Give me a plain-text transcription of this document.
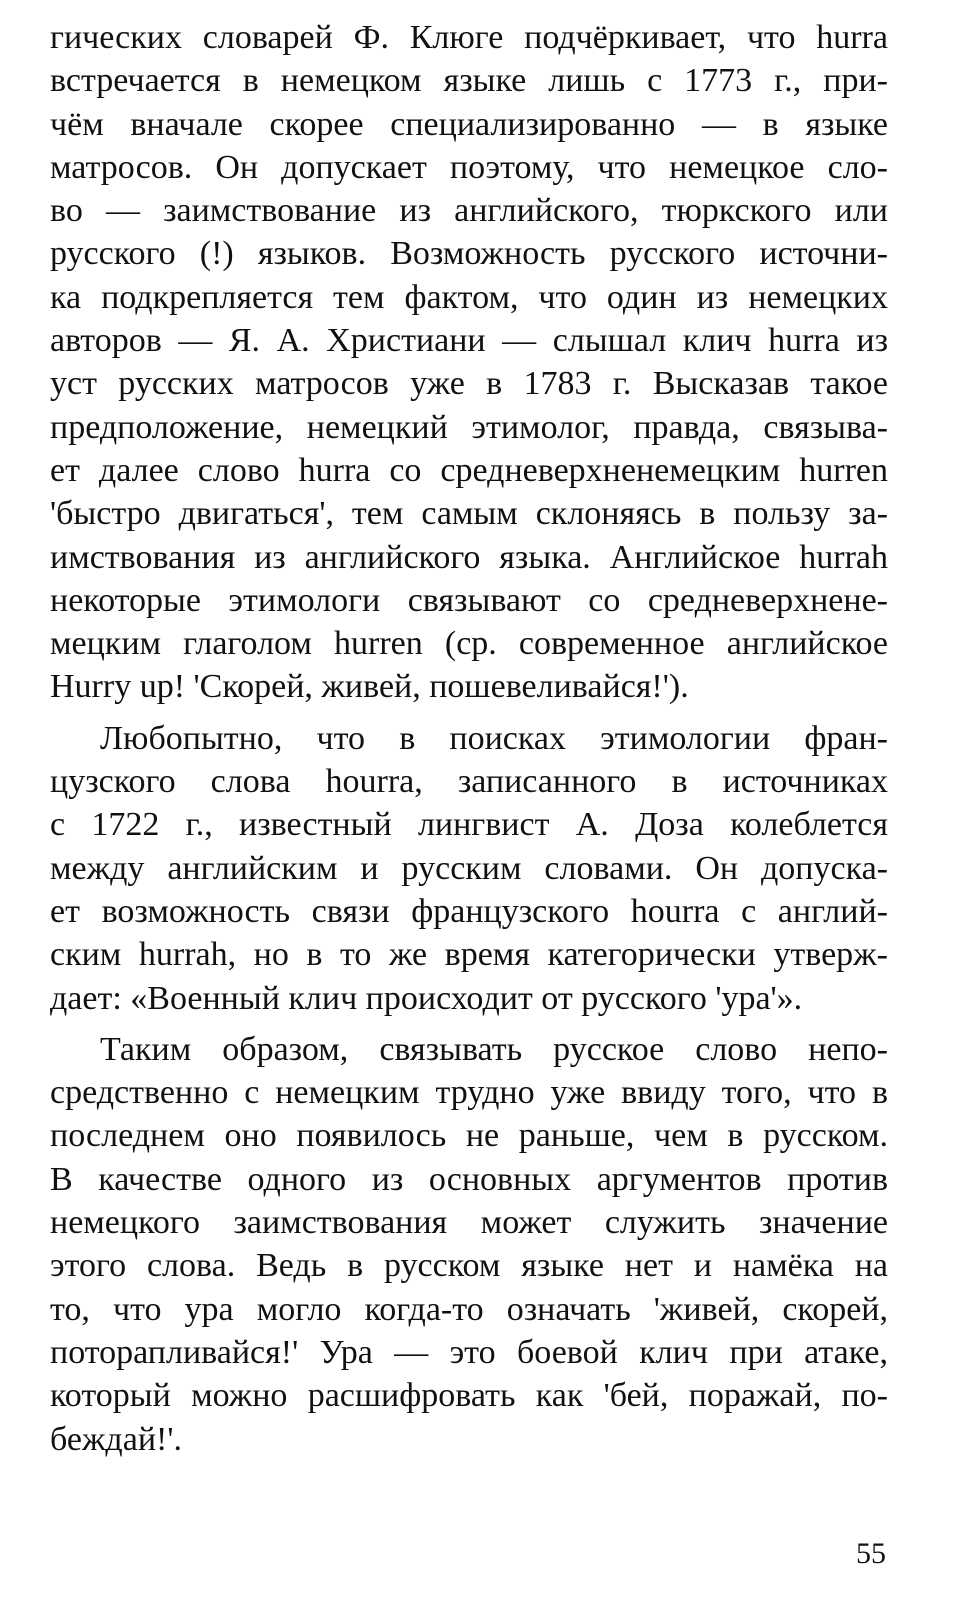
гических словарей Ф. Клюге подчёркивает, что hurra
встречается в немецком языке лишь с 1773 г., при-
чём вначале скорее специализированно — в языке
матросов. Он допускает поэтому, что немецкое сло-
во — заимствование из английского, тюркского или
русского (!) языков. Возможность русского источни-
ка подкрепляется тем фактом, что один из немецких
авторов — Я. А. Христиани — слышал клич hurra из
уст русских матросов уже в 1783 г. Высказав такое
предположение, немецкий этимолог, правда, связыва-
ет далее слово hurra со средневерхненемецким hurren
'быстро двигаться', тем самым склоняясь в пользу за-
имствования из английского языка. Английское hurrah
некоторые этимологи связывают со средневерхнене-
мецким глаголом hurren (ср. современное английское
Hurry up! 'Скорей, живей, пошевеливайся!').
Любопытно, что в поисках этимологии фран-
цузского слова hourra, записанного в источниках
с 1722 г., известный лингвист А. Доза колеблется
между английским и русским словами. Он допуска-
ет возможность связи французского hourra с англий-
ским hurrah, но в то же время категорически утверж-
дает: «Военный клич происходит от русского 'ура'».
Таким образом, связывать русское слово непо-
средственно с немецким трудно уже ввиду того, что в
последнем оно появилось не раньше, чем в русском.
В качестве одного из основных аргументов против
немецкого заимствования может служить значение
этого слова. Ведь в русском языке нет и намёка на
то, что ура могло когда-то означать 'живей, скорей,
поторапливайся!' Ура — это боевой клич при атаке,
который можно расшифровать как 'бей, поражай, по-
беждай!'.
55
